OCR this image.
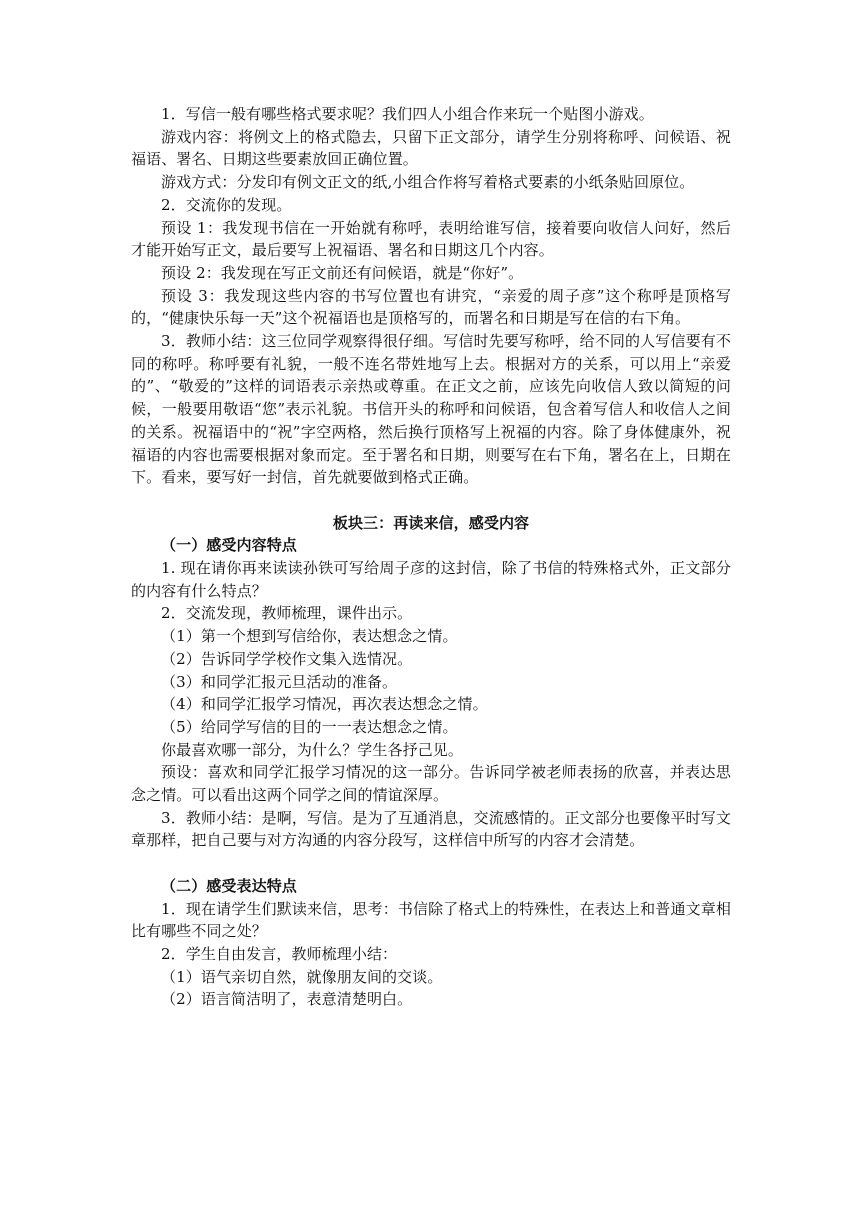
1．写信一般有哪些格式要求呢？我们四人小组合作来玩一个贴图小游戏。

游戏内容：将例文上的格式隐去，只留下正文部分，请学生分别将称呼、问候语、祝福语、署名、日期这些要素放回正确位置。

游戏方式：分发印有例文正文的纸,小组合作将写着格式要素的小纸条贴回原位。

2．交流你的发现。

预设 1：我发现书信在一开始就有称呼，表明给谁写信，接着要向收信人问好，然后才能开始写正文，最后要写上祝福语、署名和日期这几个内容。

预设 2：我发现在写正文前还有问候语，就是“你好”。

预设 3：我发现这些内容的书写位置也有讲究，“亲爱的周子彦”这个称呼是顶格写的，“健康快乐每一天”这个祝福语也是顶格写的，而署名和日期是写在信的右下角。

3．教师小结：这三位同学观察得很仔细。写信时先要写称呼，给不同的人写信要有不同的称呼。称呼要有礼貌，一般不连名带姓地写上去。根据对方的关系，可以用上“亲爱的”、“敬爱的”这样的词语表示亲热或尊重。在正文之前，应该先向收信人致以简短的问候，一般要用敬语“您”表示礼貌。书信开头的称呼和问候语，包含着写信人和收信人之间的关系。祝福语中的“祝”字空两格，然后换行顶格写上祝福的内容。除了身体健康外，祝福语的内容也需要根据对象而定。至于署名和日期，则要写在右下角，署名在上，日期在下。看来，要写好一封信，首先就要做到格式正确。

板块三：再读来信，感受内容

（一）感受内容特点

1. 现在请你再来读读孙铁可写给周子彦的这封信，除了书信的特殊格式外，正文部分的内容有什么特点？

2．交流发现，教师梳理，课件出示。

（1）第一个想到写信给你，表达想念之情。

（2）告诉同学学校作文集入选情况。

（3）和同学汇报元旦活动的准备。

（4）和同学汇报学习情况，再次表达想念之情。

（5）给同学写信的目的一一表达想念之情。

你最喜欢哪一部分，为什么？学生各抒己见。

预设：喜欢和同学汇报学习情况的这一部分。告诉同学被老师表扬的欣喜，并表达思念之情。可以看出这两个同学之间的情谊深厚。

3．教师小结：是啊，写信。是为了互通消息，交流感情的。正文部分也要像平时写文章那样，把自己要与对方沟通的内容分段写，这样信中所写的内容才会清楚。

（二）感受表达特点

1．现在请学生们默读来信，思考：书信除了格式上的特殊性，在表达上和普通文章相比有哪些不同之处？

2．学生自由发言，教师梳理小结：

（1）语气亲切自然，就像朋友间的交谈。

（2）语言简洁明了，表意清楚明白。
